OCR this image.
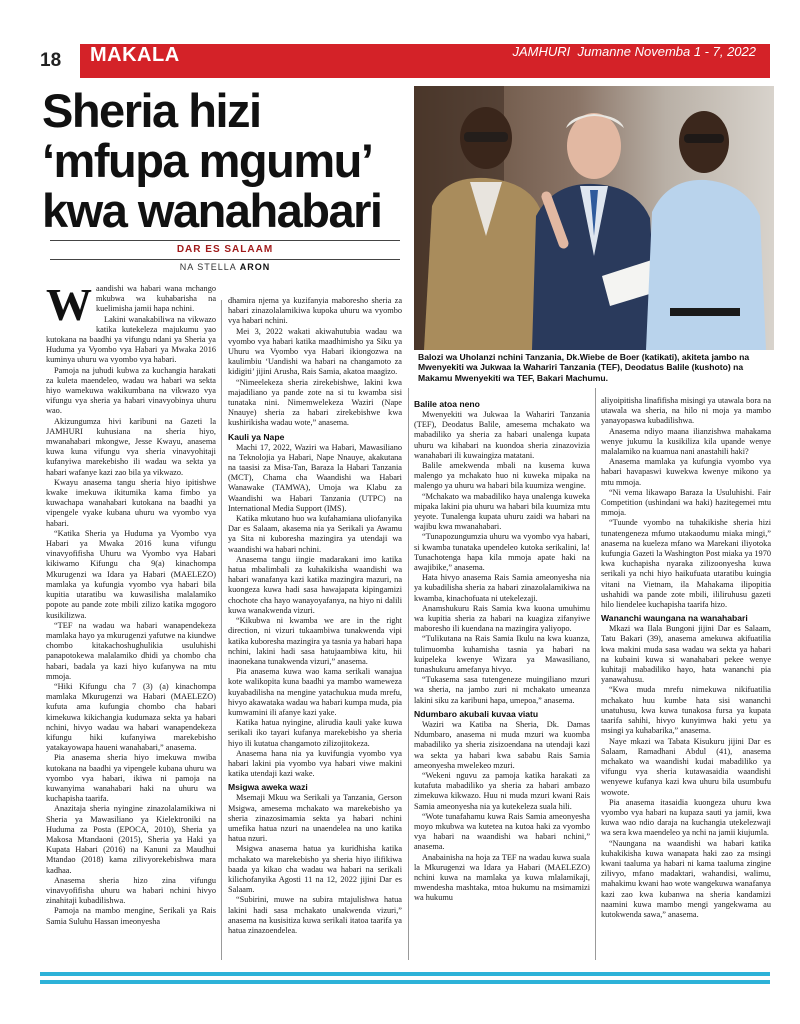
18	MAKALA	JAMHURI Jumanne Novemba 1 - 7, 2022
Sheria hizi ‘mfupa mgumu’ kwa wanahabari
DAR ES SALAAM
NA STELLA ARON

Balozi wa Uholanzi nchini Tanzania, Dk.Wiebe de Boer (katikati), akiteta jambo na Mwenyekiti wa Jukwaa la Wahariri Tanzania (TEF), Deodatus Balile (kushoto) na Makamu Mwenyekiti wa TEF, Bakari Machumu.

W aandishi wa habari wana mchango mkubwa wa kuhabarisha na kuelimisha jamii hapa nchini.

Lakini wanakabiliwa na vikwazo katika kutekeleza majukumu yao kutokana na baadhi ya vifungu ndani ya Sheria ya Huduma ya Vyombo vya Habari ya Mwaka 2016 kuminya uhuru wa vyombo vya habari.

Pamoja na juhudi kubwa za kuchangia harakati za kuleta maendeleo, wadau wa habari wa sekta hiyo wamekuwa wakikumbana na vikwazo vya vifungu vya sheria ya habari vinavyobinya uhuru wao.

Akizungumza hivi karibuni na Gazeti la JAMHURI kuhusiana na sheria hiyo, mwanahabari mkongwe, Jesse Kwayu, anasema kuwa kuna vifungu vya sheria vinavyohitaji kufanyiwa marekebisho ili wadau wa sekta ya habari wafanye kazi zao bila ya vikwazo.

Kwayu anasema tangu sheria hiyo ipitishwe kwake imekuwa ikitumika kama fimbo ya kuwachapa wanahabari kutokana na baadhi ya vipengele vyake kubana uhuru wa vyombo vya habari.

“Katika Sheria ya Huduma ya Vyombo vya Habari ya Mwaka 2016 kuna vifungu vinavyofifisha Uhuru wa Vyombo vya Habari kikiwamo Kifungu cha 9(a) kinachompa Mkurugenzi wa Idara ya Habari (MAELEZO) mamlaka ya kufungia vyombo vya habari bila kupitia utaratibu wa kuwasilisha malalamiko popote au pande zote mbili zilizo katika mgogoro kusikilizwa.

“TEF na wadau wa habari wanapendekeza mamlaka hayo ya mkurugenzi yafutwe na kiundwe chombo kitakachoshughulikia usuluhishi panapotokewa malalamiko dhidi ya chombo cha habari, badala ya kazi hiyo kufanywa na mtu mmoja.

“Hiki Kifungu cha 7 (3) (a) kinachompa mamlaka Mkurugenzi wa Habari (MAELEZO) kufuta ama kufungia chombo cha habari kimekuwa kikichangia kudumaza sekta ya habari nchini, hivyo wadau wa habari wanapendekeza kifungu hiki kufanyiwa marekebisho yatakayowapa haueni wanahabari,” anasema.

Pia anasema sheria hiyo imekuwa mwiba kutokana na baadhi ya vipengele kubana uhuru wa vyombo vya habari, ikiwa ni pamoja na kuwanyima wanahabari haki na uhuru wa kuchapisha taarifa.

Anazitaja sheria nyingine zinazolalamikiwa ni Sheria ya Mawasiliano ya Kielektroniki na Huduma za Posta (EPOCA, 2010), Sheria ya Makosa Mtandaoni (2015), Sheria ya Haki ya Kupata Habari (2016) na Kanuni za Maudhui Mtandao (2018) kama zilivyorekebishwa mara kadhaa.

Anasema sheria hizo zina vifungu vinavyofifisha uhuru wa habari nchini hivyo zinahitaji kubadilishwa.

Pamoja na mambo mengine, Serikali ya Rais Samia Suluhu Hassan imeonyesha

dhamira njema ya kuzifanyia maboresho sheria za habari zinazolalamikiwa kupoka uhuru wa vyombo vya habari nchini.

Mei 3, 2022 wakati akiwahutubia wadau wa vyombo vya habari katika maadhimisho ya Siku ya Uhuru wa Vyombo vya Habari ikiongozwa na kaulimbiu ‘Uandishi wa habari na changamoto za kidigiti’ jijini Arusha, Rais Samia, akatoa maagizo.

“Nimeelekeza sheria zirekebishwe, lakini kwa majadiliano ya pande zote na si tu kwamba sisi tunataka nini. Nimemwelekeza Waziri (Nape Nnauye) sheria za habari zirekebishwe kwa kushirikisha wadau wote,” anasema.

Kauli ya Nape

Machi 17, 2022, Waziri wa Habari, Mawasiliano na Teknolojia ya Habari, Nape Nnauye, akakutana na taasisi za Misa-Tan, Baraza la Habari Tanzania (MCT), Chama cha Waandishi wa Habari Wanawake (TAMWA), Umoja wa Klabu za Waandishi wa Habari Tanzania (UTPC) na International Media Support (IMS).

Katika mkutano huo wa kufahamiana uliofanyika Dar es Salaam, akasema nia ya Serikali ya Awamu ya Sita ni kuboresha mazingira ya utendaji wa waandishi wa habari nchini.

Anasema tangu iingie madarakani imo katika hatua mbalimbali za kuhakikisha waandishi wa habari wanafanya kazi katika mazingira mazuri, na kuongeza kuwa hadi sasa hawajapata kipingamizi chochote cha hayo wanayoyafanya, na hiyo ni dalili kuwa wanakwenda vizuri.

“Kikubwa ni kwamba we are in the right direction, ni vizuri tukaambiwa tunakwenda vipi katika kuboresha mazingira ya tasnia ya habari hapa nchini, lakini hadi sasa hatujaambiwa kitu, hii inaonekana tunakwenda vizuri,” anasema.

Pia anasema kuwa wao kama serikali wanajua kote walikopita kuna baadhi ya mambo wameweza kuyabadilisha na mengine yatachukua muda mrefu, hivyo akawataka wadau wa habari kumpa muda, pia kumwamini ili afanye kazi yake.

Katika hatua nyingine, alirudia kauli yake kuwa serikali iko tayari kufanya marekebisho ya sheria hiyo ili kutatua changamoto zilizojitokeza.

Anasema hana nia ya kuvifungia vyombo vya habari lakini pia vyombo vya habari viwe makini katika utendaji kazi wake.

Msigwa aweka wazi

Msemaji Mkuu wa Serikali ya Tanzania, Gerson Msigwa, amesema mchakato wa marekebisho ya sheria zinazosimamia sekta ya habari nchini umefika hatua nzuri na unaendelea na uno katika hatua nzuri.

Msigwa anasema hatua ya kuridhisha katika mchakato wa marekebisho ya sheria hiyo ilifikiwa baada ya kikao cha wadau wa habari na serikali kilichofanyika Agosti 11 na 12, 2022 jijini Dar es Salaam.

“Subirini, muwe na subira mtajulishwa hatua lakini hadi sasa mchakato unakwenda vizuri,” anasema na kusisitiza kuwa serikali itatoa taarifa ya hatua zinazoendelea.

Balile atoa neno

Mwenyekiti wa Jukwaa la Wahariri Tanzania (TEF), Deodatus Balile, amesema mchakato wa mabadiliko ya sheria za habari unalenga kupata uhuru wa kihabari na kuondoa sheria zinazovizia wanahabari ili kuwaingiza matatani.

Balile amekwenda mbali na kusema kuwa malengo ya mchakato huo ni kuweka mipaka na malengo ya uhuru wa habari bila kuumiza wengine.

“Mchakato wa mabadiliko haya unalenga kuweka mipaka lakini pia uhuru wa habari bila kuumiza mtu yeyote. Tunalenga kupata uhuru zaidi wa habari na wajibu kwa mwanahabari.

“Tunapozungumzia uhuru wa vyombo vya habari, si kwamba tunataka upendeleo kutoka serikalini, la! Tunachotenga hapa kila mmoja apate haki na awajibike,” anasema.

Hata hivyo anasema Rais Samia ameonyesha nia ya kubadilisha sheria za habari zinazolalamikiwa na kwamba, kinachofuata ni utekelezaji.

Anamshukuru Rais Samia kwa kuona umuhimu wa kupitia sheria za habari na kuagiza zifanyiwe maboresho ili kuendana na mazingira yaliyopo.

“Tulikutana na Rais Samia Ikulu na kwa kuanza, tulimuomba kuhamisha tasnia ya habari na kuipeleka kwenye Wizara ya Mawasiliano, tunashukuru amefanya hivyo.

“Tukasema sasa tutengeneze muingiliano mzuri wa sheria, na jambo zuri ni mchakato umeanza lakini siku za karibuni hapa, umepoa,” anasema.

Ndumbaro akubali kuvaa viatu

Waziri wa Katiba na Sheria, Dk. Damas Ndumbaro, anasema ni muda mzuri wa kuomba mabadiliko ya sheria zisizoendana na utendaji kazi wa sekta ya habari kwa sababu Rais Samia ameonyesha mwelekeo mzuri.

“Wekeni nguvu za pamoja katika harakati za kutafuta mabadiliko ya sheria za habari ambazo zimekuwa kikwazo. Huu ni muda mzuri kwani Rais Samia ameonyesha nia ya kutekeleza suala hili.

“Wote tunafahamu kuwa Rais Samia ameonyesha moyo mkubwa wa kutetea na kutoa haki za vyombo vya habari na waandishi wa habari nchini,” anasema.

Anabainisha na hoja za TEF na wadau kuwa suala la Mkurugenzi wa Idara ya Habari (MAELEZO) nchini kuwa na mamlaka ya kuwa mlalamikaji, mwendesha mashtaka, mtoa hukumu na msimamizi wa hukumu

aliyoipitisha linafifisha misingi ya utawala bora na utawala wa sheria, na hilo ni moja ya mambo yanayopaswa kubadilishwa.

Anasema ndiyo maana ilianzishwa mahakama wenye jukumu la kusikiliza kila upande wenye malalamiko na kuamua nani anastahili haki?

Anasema mamlaka ya kufungia vyombo vya habari havapaswi kuwekwa kwenye mikono ya mtu mmoja.

“Ni vema likawapo Baraza la Usuluhishi. Fair Competition (ushindani wa haki) hazitegemei mtu mmoja.

“Tuunde vyombo na tuhakikishe sheria hizi tunatengeneza mfumo utakaodumu miaka mingi,” anasema na kueleza mfano wa Marekani iliyotoka kufungia Gazeti la Washington Post miaka ya 1970 kwa kuchapisha nyaraka zilizoonyesha kuwa serikali ya nchi hiyo haikufuata utaratibu kuingia vitani na Vietnam, ila Mahakama ilipopitia ushahidi wa pande zote mbili, ililiruhusu gazeti hilo liendelee kuchapisha taarifa hizo.

Wananchi waungana na wanahabari

Mkazi wa Ilala Bungoni jijini Dar es Salaam, Tatu Bakari (39), anasema amekuwa akifuatilia kwa makini muda sasa wadau wa sekta ya habari na kubaini kuwa si wanahabari pekee wenye kuhitaji mabadiliko hayo, hata wananchi pia yanawahusu.

“Kwa muda mrefu nimekuwa nikifuatilia mchakato huu kumbe hata sisi wananchi unatuhusu, kwa kuwa tunakosa fursa ya kupata taarifa sahihi, hivyo kunyimwa haki yetu ya msingi ya kuhabarika,” anasema.

Naye mkazi wa Tabata Kisukuru jijini Dar es Salaam, Ramadhani Abdul (41), anasema mchakato wa waandishi kudai mabadiliko ya vifungu vya sheria kutawasaidia waandishi wenyewe kufanya kazi kwa uhuru bila usumbufu wowote.

Pia anasema itasaidia kuongeza uhuru kwa vyombo vya habari na kupaza sauti ya jamii, kwa kuwa wao ndio daraja na kuchangia utekelezwaji wa sera kwa maendeleo ya nchi na jamii kiujumla.

“Naungana na waandishi wa habari katika kuhakikisha kuwa wanapata haki zao za msingi kwani taaluma ya habari ni kama taaluma zingine zilivyo, mfano madaktari, wahandisi, walimu, mahakimu kwani hao wote wangekuwa wanafanya kazi zao kwa kubanwa na sheria kandamizi naamini kuwa mambo mengi yangekwama au kutokwenda sawa,” anasema.
